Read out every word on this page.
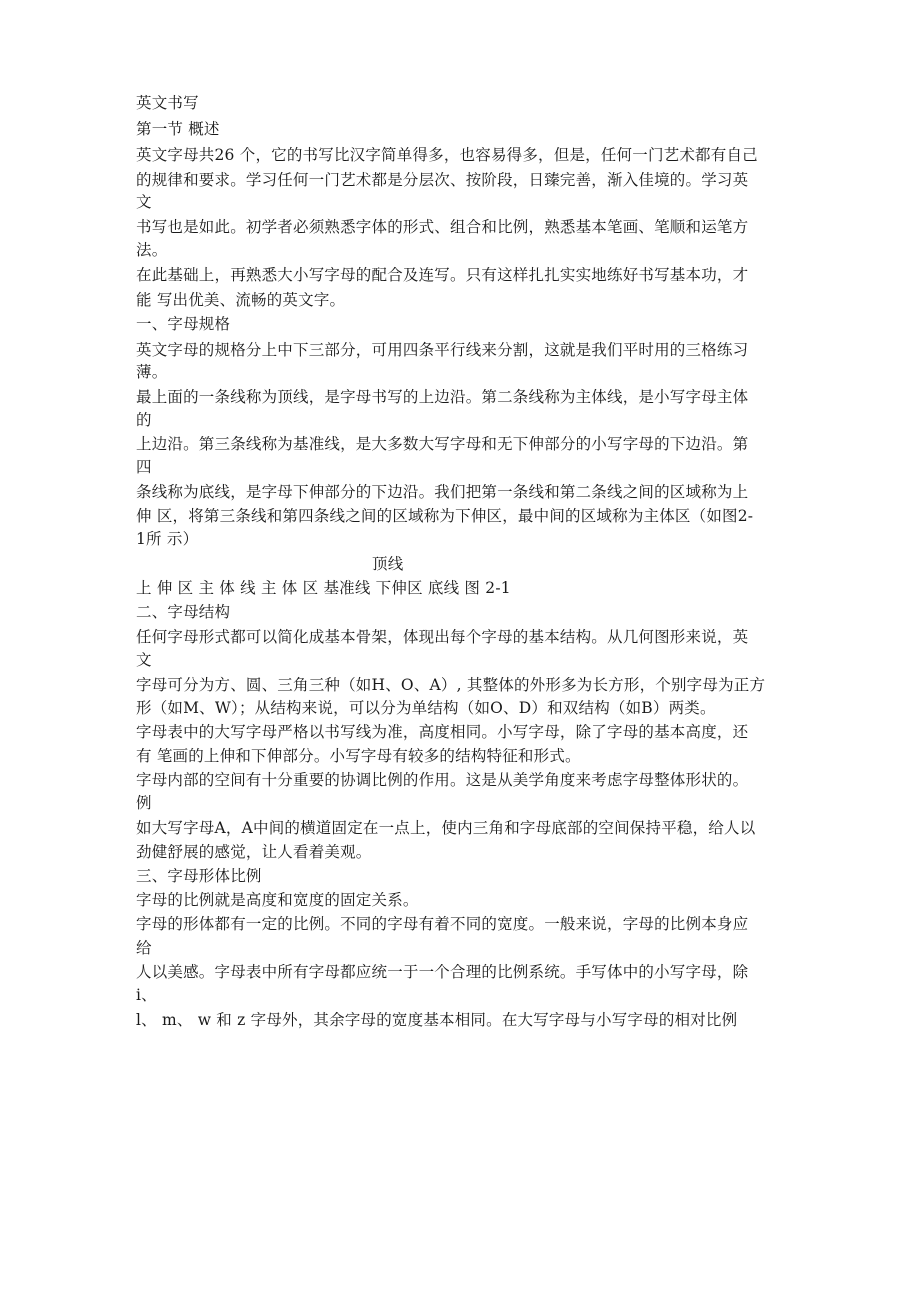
英文书写
第一节 概述
英文字母共26 个，它的书写比汉字简单得多，也容易得多，但是，任何一门艺术都有自己
的规律和要求。学习任何一门艺术都是分层次、按阶段，日臻完善，渐入佳境的。学习英
文
书写也是如此。初学者必须熟悉字体的形式、组合和比例，熟悉基本笔画、笔顺和运笔方
法。
在此基础上，再熟悉大小写字母的配合及连写。只有这样扎扎实实地练好书写基本功，才
能 写出优美、流畅的英文字。
一、字母规格
英文字母的规格分上中下三部分，可用四条平行线来分割，这就是我们平时用的三格练习
薄。
最上面的一条线称为顶线，是字母书写的上边沿。第二条线称为主体线，是小写字母主体
的
上边沿。第三条线称为基准线，是大多数大写字母和无下伸部分的小写字母的下边沿。第
四
条线称为底线，是字母下伸部分的下边沿。我们把第一条线和第二条线之间的区域称为上
伸 区，将第三条线和第四条线之间的区域称为下伸区，最中间的区域称为主体区（如图2-
1所 示）
顶线
上 伸 区 主 体 线 主 体 区 基准线 下伸区 底线 图 2-1
二、字母结构
任何字母形式都可以简化成基本骨架，体现出每个字母的基本结构。从几何图形来说，英
文
字母可分为方、圆、三角三种（如H、O、A）, 其整体的外形多为长方形，个别字母为正方
形（如M、W）；从结构来说，可以分为单结构（如O、D）和双结构（如B）两类。
字母表中的大写字母严格以书写线为准，高度相同。小写字母，除了字母的基本高度，还
有 笔画的上伸和下伸部分。小写字母有较多的结构特征和形式。
字母内部的空间有十分重要的协调比例的作用。这是从美学角度来考虑字母整体形状的。
例
如大写字母A，A中间的横道固定在一点上，使内三角和字母底部的空间保持平稳，给人以
劲健舒展的感觉，让人看着美观。
三、字母形体比例
字母的比例就是高度和宽度的固定关系。
字母的形体都有一定的比例。不同的字母有着不同的宽度。一般来说，字母的比例本身应
给
人以美感。字母表中所有字母都应统一于一个合理的比例系统。手写体中的小写字母，除
i、
l、 m、 w 和 z 字母外，其余字母的宽度基本相同。在大写字母与小写字母的相对比例
